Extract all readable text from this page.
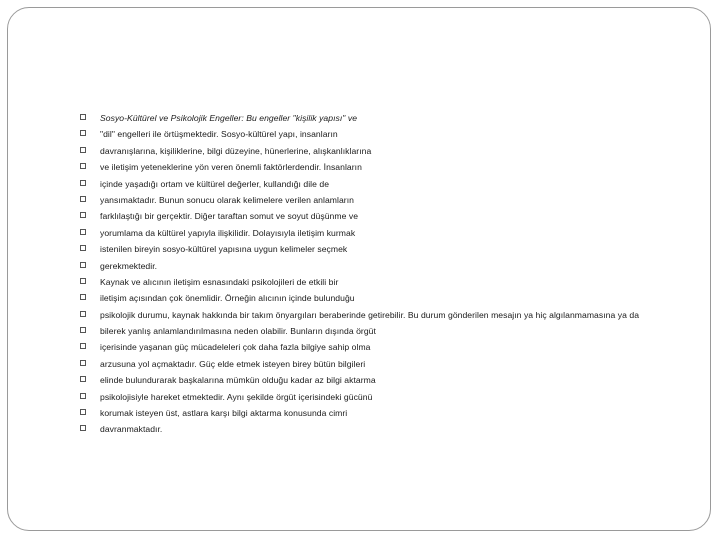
Sosyo-Kültürel ve Psikolojik Engeller: Bu engeller "kişilik yapısı" ve
"dil" engelleri ile örtüşmektedir. Sosyo-kültürel yapı, insanların
davranışlarına, kişiliklerine, bilgi düzeyine, hünerlerine, alışkanlıklarına
ve iletişim yeteneklerine yön veren önemli faktörlerdendir. İnsanların
içinde yaşadığı ortam ve kültürel değerler, kullandığı dile de
yansımaktadır. Bunun sonucu olarak kelimelere verilen anlamların
farklılaştığı bir gerçektir. Diğer taraftan somut ve soyut düşünme ve
yorumlama da kültürel yapıyla ilişkilidir. Dolayısıyla iletişim kurmak
istenilen bireyin sosyo-kültürel yapısına uygun kelimeler seçmek
gerekmektedir.
Kaynak ve alıcının iletişim esnasındaki psikolojileri de etkili bir
iletişim açısından çok önemlidir. Örneğin alıcının içinde bulunduğu
psikolojik durumu, kaynak hakkında bir takım önyargıları beraberinde getirebilir. Bu durum gönderilen mesajın ya hiç algılanmamasına ya da
bilerek yanlış anlamlandırılmasına neden olabilir. Bunların dışında örgüt
içerisinde yaşanan güç mücadeleleri çok daha fazla bilgiye sahip olma
arzusuna yol açmaktadır. Güç elde etmek isteyen birey bütün bilgileri
elinde bulundurarak başkalarına mümkün olduğu kadar az bilgi aktarma
psikolojisiyle hareket etmektedir. Aynı şekilde örgüt içerisindeki gücünü
korumak isteyen üst, astlara karşı bilgi aktarma konusunda cimri
davranmaktadır.
